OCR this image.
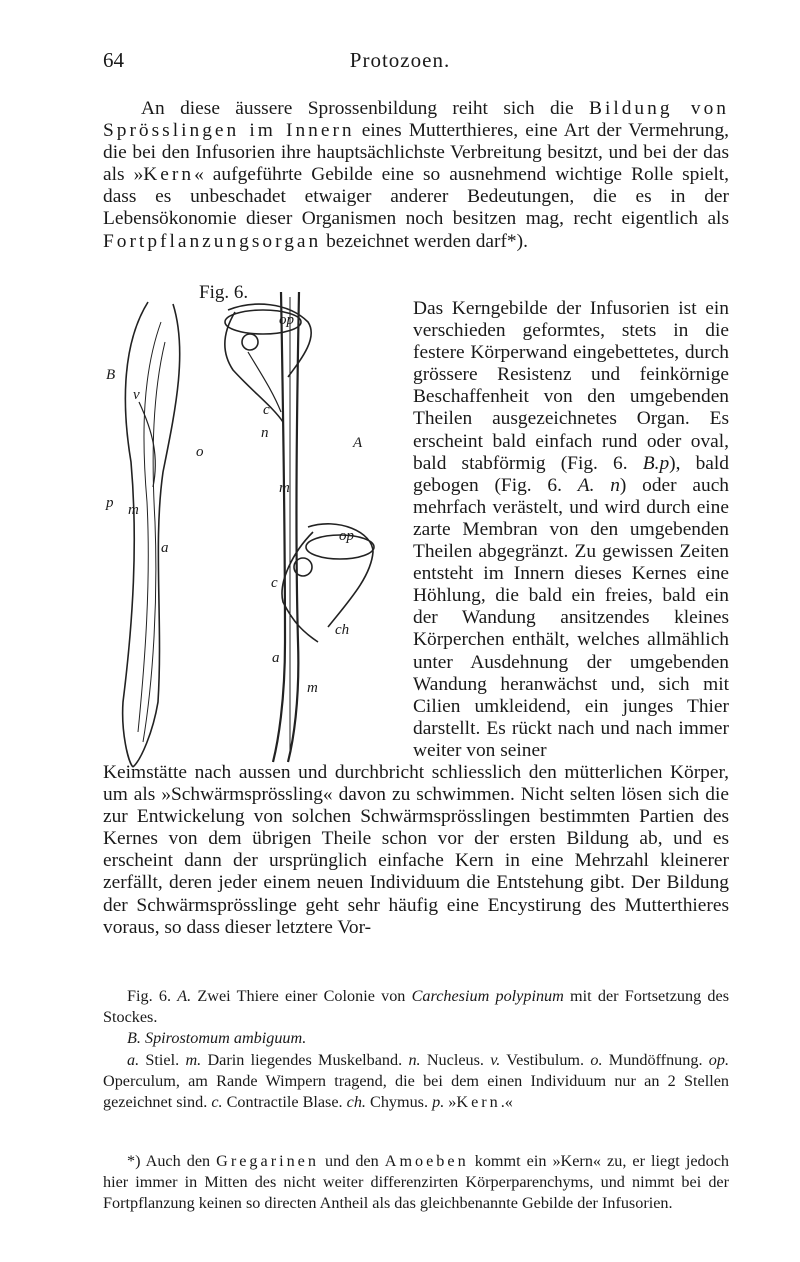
64	Protozoen.
An diese äussere Sprossenbildung reiht sich die Bildung von Sprösslingen im Innern eines Mutterthieres, eine Art der Vermehrung, die bei den Infusorien ihre hauptsächlichste Verbreitung besitzt, und bei der das als »Kern« aufgeführte Gebilde eine so ausnehmend wichtige Rolle spielt, dass es unbeschadet etwaiger anderer Bedeutungen, die es in der Lebensökonomie dieser Organismen noch besitzen mag, recht eigentlich als Fortpflanzungsorgan bezeichnet werden darf*).
Fig. 6.
B
A
op
v
c
n
m
o
p m
op
a
c
ch
a
m
Das Kerngebilde der Infusorien ist ein verschieden geformtes, stets in die festere Körperwand eingebettetes, durch grössere Resistenz und feinkörnige Beschaffenheit von den umgebenden Theilen ausgezeichnetes Organ. Es erscheint bald einfach rund oder oval, bald stabförmig (Fig. 6. B.p), bald gebogen (Fig. 6. A. n) oder auch mehrfach verästelt, und wird durch eine zarte Membran von den umgebenden Theilen abgegränzt. Zu gewissen Zeiten entsteht im Innern dieses Kernes eine Höhlung, die bald ein freies, bald ein der Wandung ansitzendes kleines Körperchen enthält, welches allmählich unter Ausdehnung der umgebenden Wandung heranwächst und, sich mit Cilien umkleidend, ein junges Thier darstellt. Es rückt nach und nach immer weiter von seiner
Keimstätte nach aussen und durchbricht schliesslich den mütterlichen Körper, um als »Schwärmsprössling« davon zu schwimmen. Nicht selten lösen sich die zur Entwickelung von solchen Schwärmsprösslingen bestimmten Partien des Kernes von dem übrigen Theile schon vor der ersten Bildung ab, und es erscheint dann der ursprünglich einfache Kern in eine Mehrzahl kleinerer zerfällt, deren jeder einem neuen Individuum die Entstehung gibt. Der Bildung der Schwärmsprösslinge geht sehr häufig eine Encystirung des Mutterthieres voraus, so dass dieser letztere Vor-
Fig. 6. A. Zwei Thiere einer Colonie von Carchesium polypinum mit der Fortsetzung des Stockes.
B. Spirostomum ambiguum.
a. Stiel. m. Darin liegendes Muskelband. n. Nucleus. v. Vestibulum. o. Mundöffnung. op. Operculum, am Rande Wimpern tragend, die bei dem einen Individuum nur an 2 Stellen gezeichnet sind. c. Contractile Blase. ch. Chymus. p. »Kern.«
*) Auch den Gregarinen und den Amoeben kommt ein »Kern« zu, er liegt jedoch hier immer in Mitten des nicht weiter differenzirten Körperparenchyms, und nimmt bei der Fortpflanzung keinen so directen Antheil als das gleichbenannte Gebilde der Infusorien.
